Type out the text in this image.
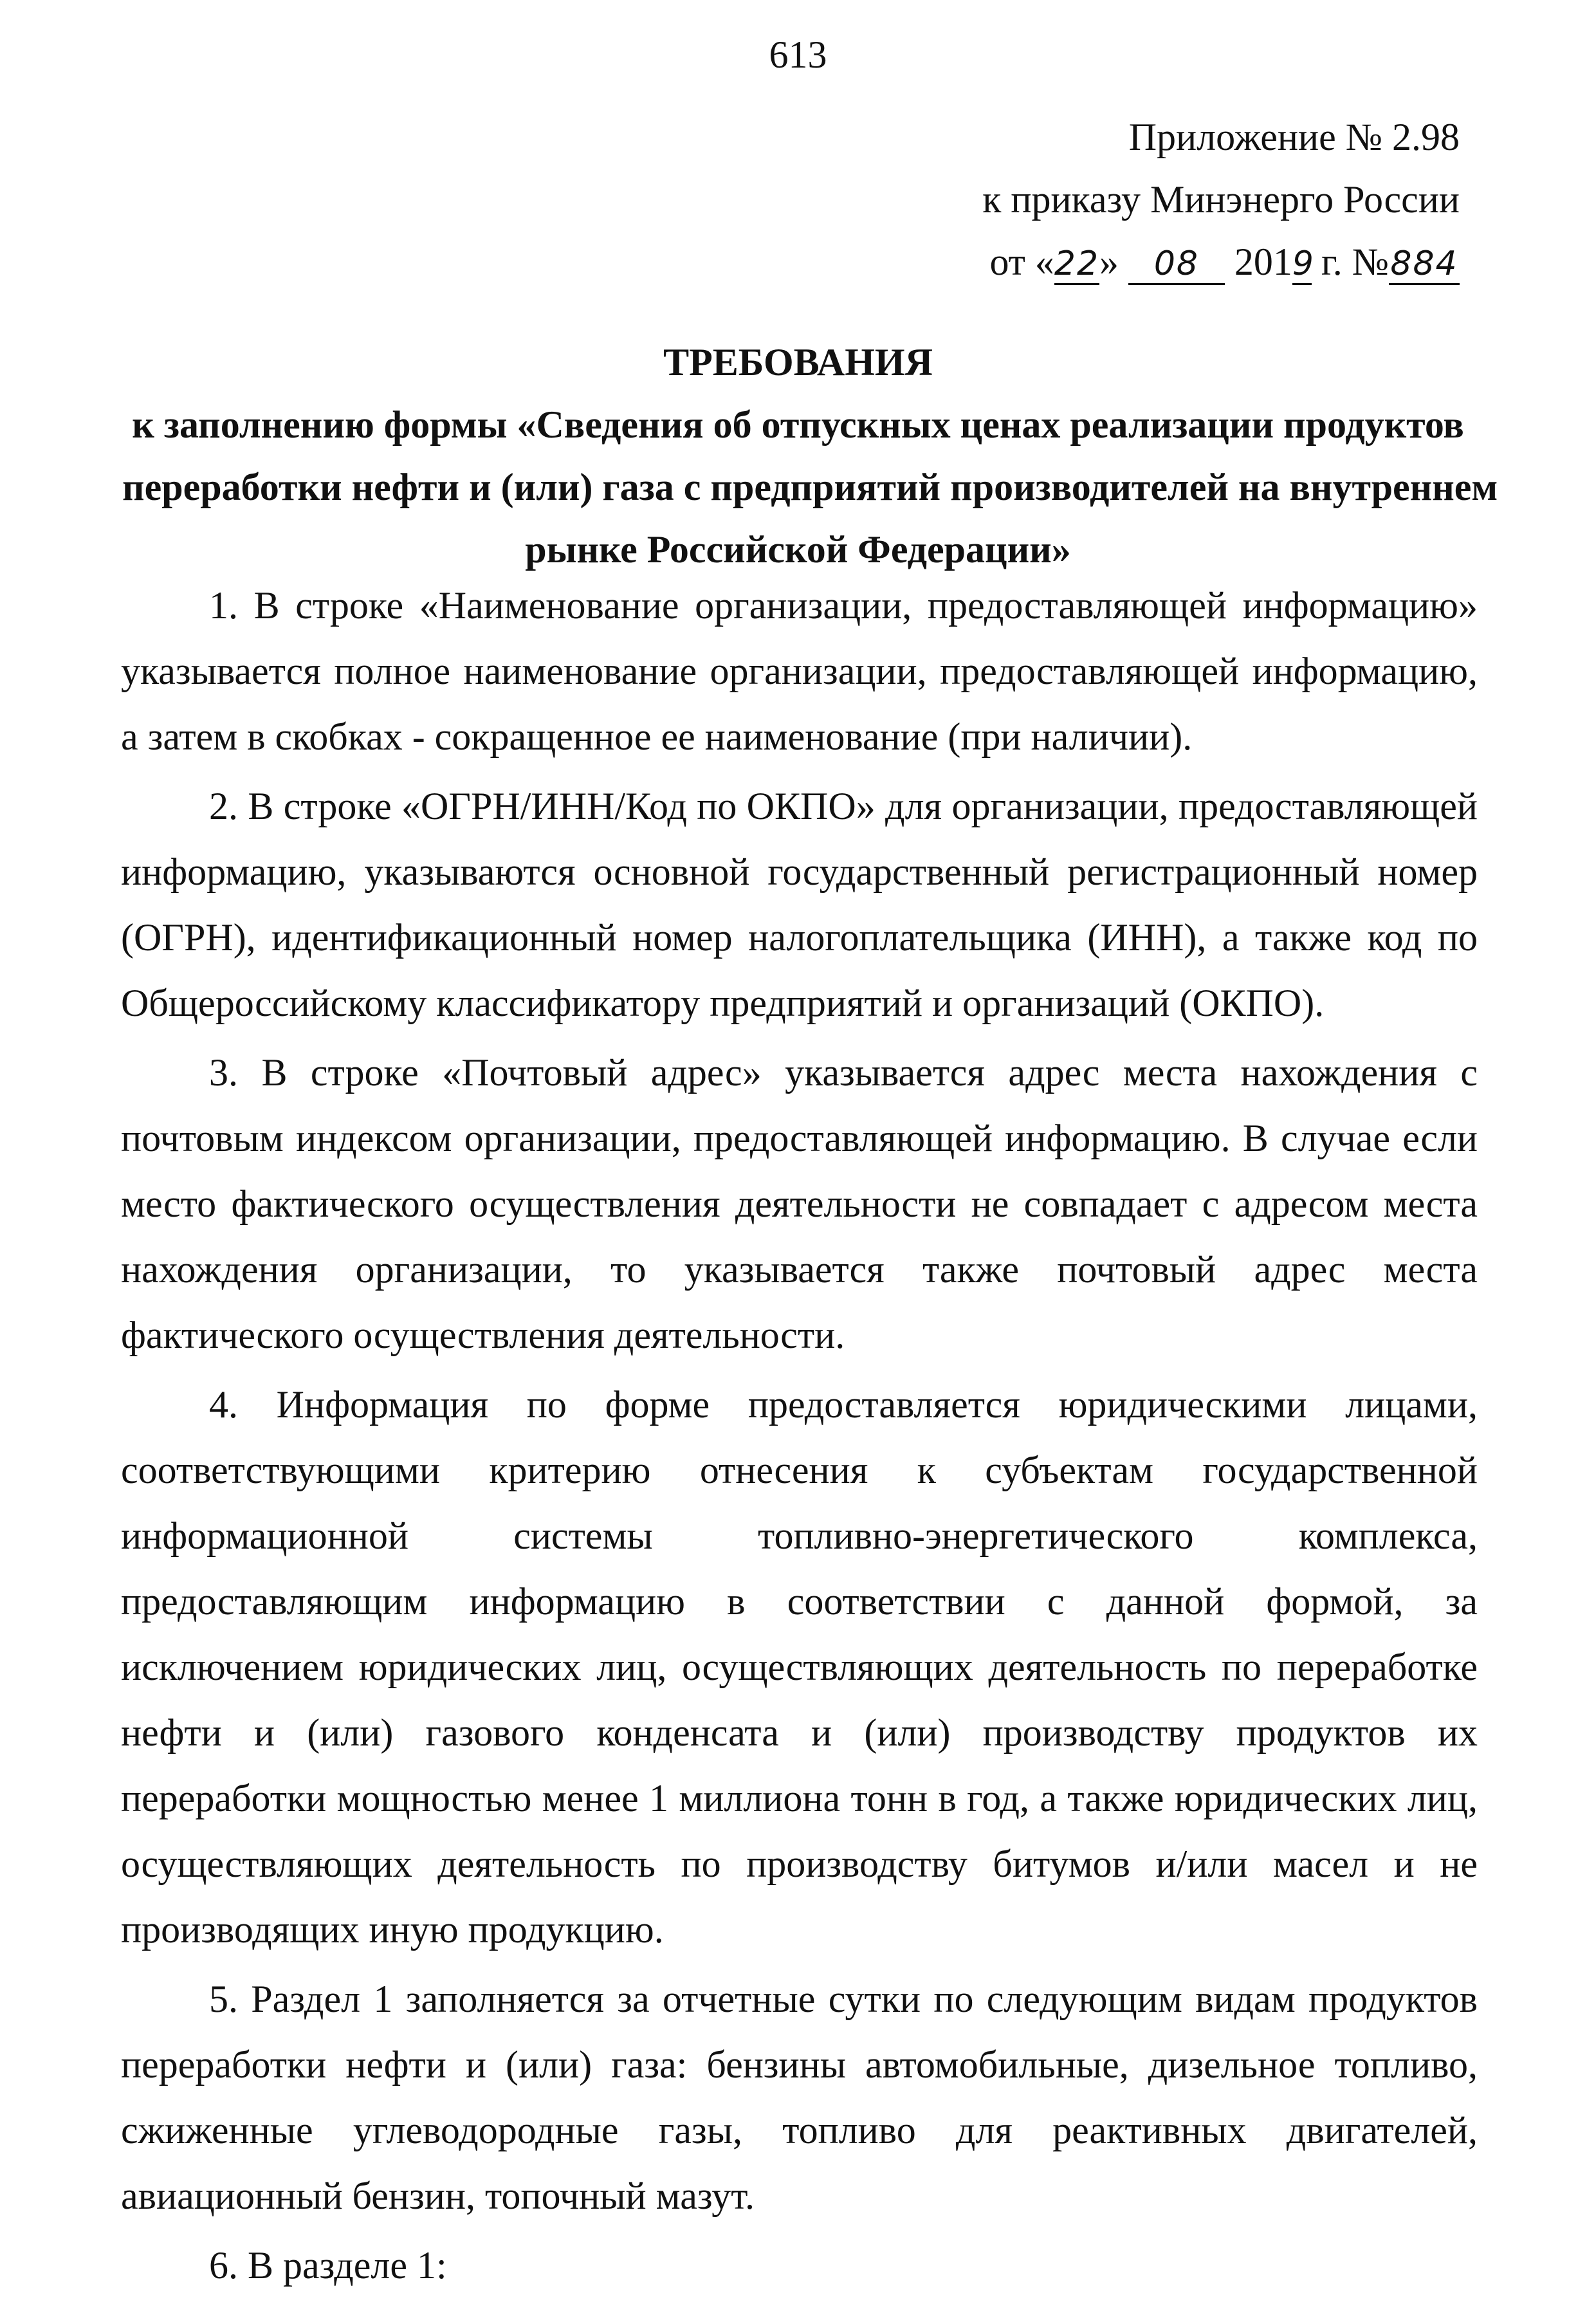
613
Приложение № 2.98
к приказу Минэнерго России
от «22» 08 2019 г. №884
ТРЕБОВАНИЯ
к заполнению формы «Сведения об отпускных ценах реализации продуктов
переработки нефти и (или) газа с предприятий производителей на внутреннем
рынке Российской Федерации»

1. В строке «Наименование организации, предоставляющей информацию» указывается полное наименование организации, предоставляющей информацию, а затем в скобках - сокращенное ее наименование (при наличии).

2. В строке «ОГРН/ИНН/Код по ОКПО» для организации, предоставляющей информацию, указываются основной государственный регистрационный номер (ОГРН), идентификационный номер налогоплательщика (ИНН), а также код по Общероссийскому классификатору предприятий и организаций (ОКПО).

3. В строке «Почтовый адрес» указывается адрес места нахождения с почтовым индексом организации, предоставляющей информацию. В случае если место фактического осуществления деятельности не совпадает с адресом места нахождения организации, то указывается также почтовый адрес места фактического осуществления деятельности.

4. Информация по форме предоставляется юридическими лицами, соответствующими критерию отнесения к субъектам государственной информационной системы топливно-энергетического комплекса, предоставляющим информацию в соответствии с данной формой, за исключением юридических лиц, осуществляющих деятельность по переработке нефти и (или) газового конденсата и (или) производству продуктов их переработки мощностью менее 1 миллиона тонн в год, а также юридических лиц, осуществляющих деятельность по производству битумов и/или масел и не производящих иную продукцию.

5. Раздел 1 заполняется за отчетные сутки по следующим видам продуктов переработки нефти и (или) газа: бензины автомобильные, дизельное топливо, сжиженные углеводородные газы, топливо для реактивных двигателей, авиационный бензин, топочный мазут.

6. В разделе 1:
